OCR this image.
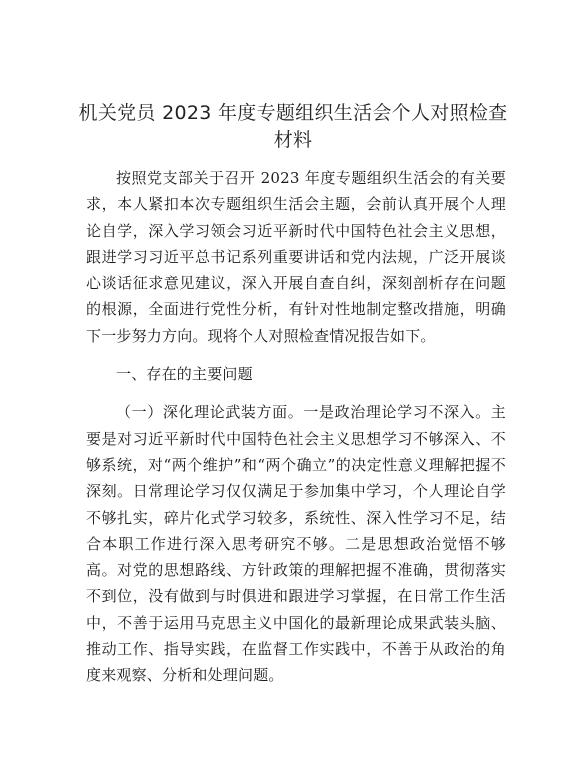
机关党员 2023 年度专题组织生活会个人对照检查材料

按照党支部关于召开 2023 年度专题组织生活会的有关要求，本人紧扣本次专题组织生活会主题，会前认真开展个人理论自学，深入学习领会习近平新时代中国特色社会主义思想，跟进学习习近平总书记系列重要讲话和党内法规，广泛开展谈心谈话征求意见建议，深入开展自查自纠，深刻剖析存在问题的根源，全面进行党性分析，有针对性地制定整改措施，明确下一步努力方向。现将个人对照检查情况报告如下。

一、存在的主要问题

（一）深化理论武装方面。一是政治理论学习不深入。主要是对习近平新时代中国特色社会主义思想学习不够深入、不够系统，对“两个维护”和“两个确立”的决定性意义理解把握不深刻。日常理论学习仅仅满足于参加集中学习，个人理论自学不够扎实，碎片化式学习较多，系统性、深入性学习不足，结合本职工作进行深入思考研究不够。二是思想政治觉悟不够高。对党的思想路线、方针政策的理解把握不准确，贯彻落实不到位，没有做到与时俱进和跟进学习掌握，在日常工作生活中，不善于运用马克思主义中国化的最新理论成果武装头脑、推动工作、指导实践，在监督工作实践中，不善于从政治的角度来观察、分析和处理问题。
